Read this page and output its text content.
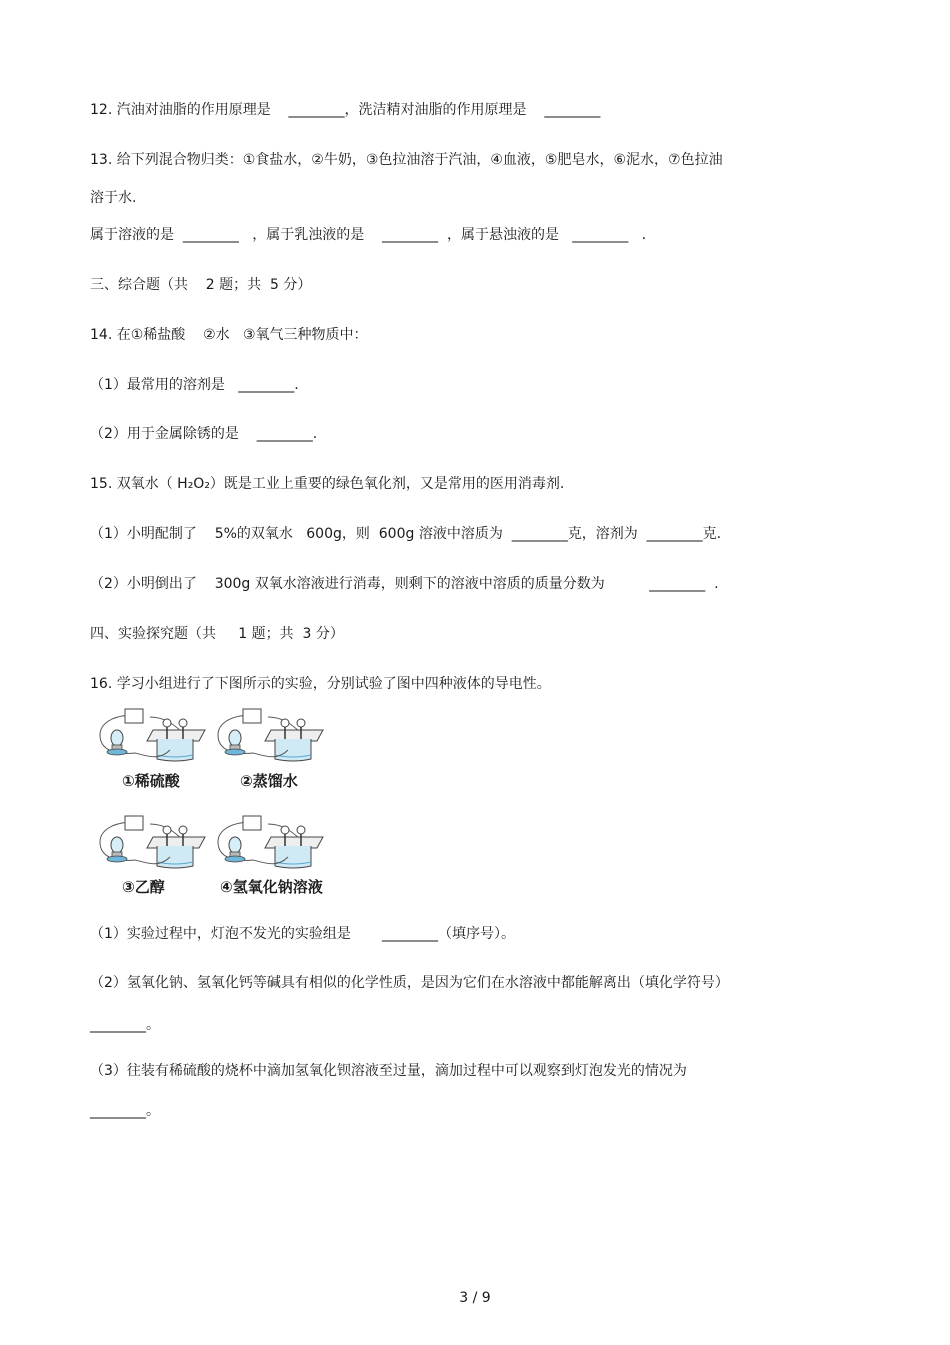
12. 汽油对油脂的作用原理是    ________，洗洁精对油脂的作用原理是    ________
13. 给下列混合物归类：①食盐水，②牛奶，③色拉油溶于汽油，④血液，⑤肥皂水，⑥泥水，⑦色拉油
溶于水.
属于溶液的是  ________   ，属于乳浊液的是    ________  ，属于悬浊液的是   ________   .
三、综合题（共    2 题；共  5 分）
14. 在①稀盐酸    ②水   ③氧气三种物质中：
（1）最常用的溶剂是   ________.
（2）用于金属除锈的是    ________.
15. 双氧水（ H₂O₂）既是工业上重要的绿色氧化剂，又是常用的医用消毒剂.
（1）小明配制了    5%的双氧水   600g，则  600g 溶液中溶质为  ________克，溶剂为  ________克.
（2）小明倒出了    300g 双氧水溶液进行消毒，则剩下的溶液中溶质的质量分数为          ________  .
四、实验探究题（共     1 题；共  3 分）
16. 学习小组进行了下图所示的实验，分别试验了图中四种液体的导电性。
①稀硫酸	②蒸馏水
③乙醇	④氢氧化钠溶液
（1）实验过程中，灯泡不发光的实验组是       ________（填序号）。
（2）氢氧化钠、氢氧化钙等碱具有相似的化学性质，是因为它们在水溶液中都能解离出（填化学符号）
________。
（3）往装有稀硫酸的烧杯中滴加氢氧化钡溶液至过量，滴加过程中可以观察到灯泡发光的情况为
________。
3 / 9
